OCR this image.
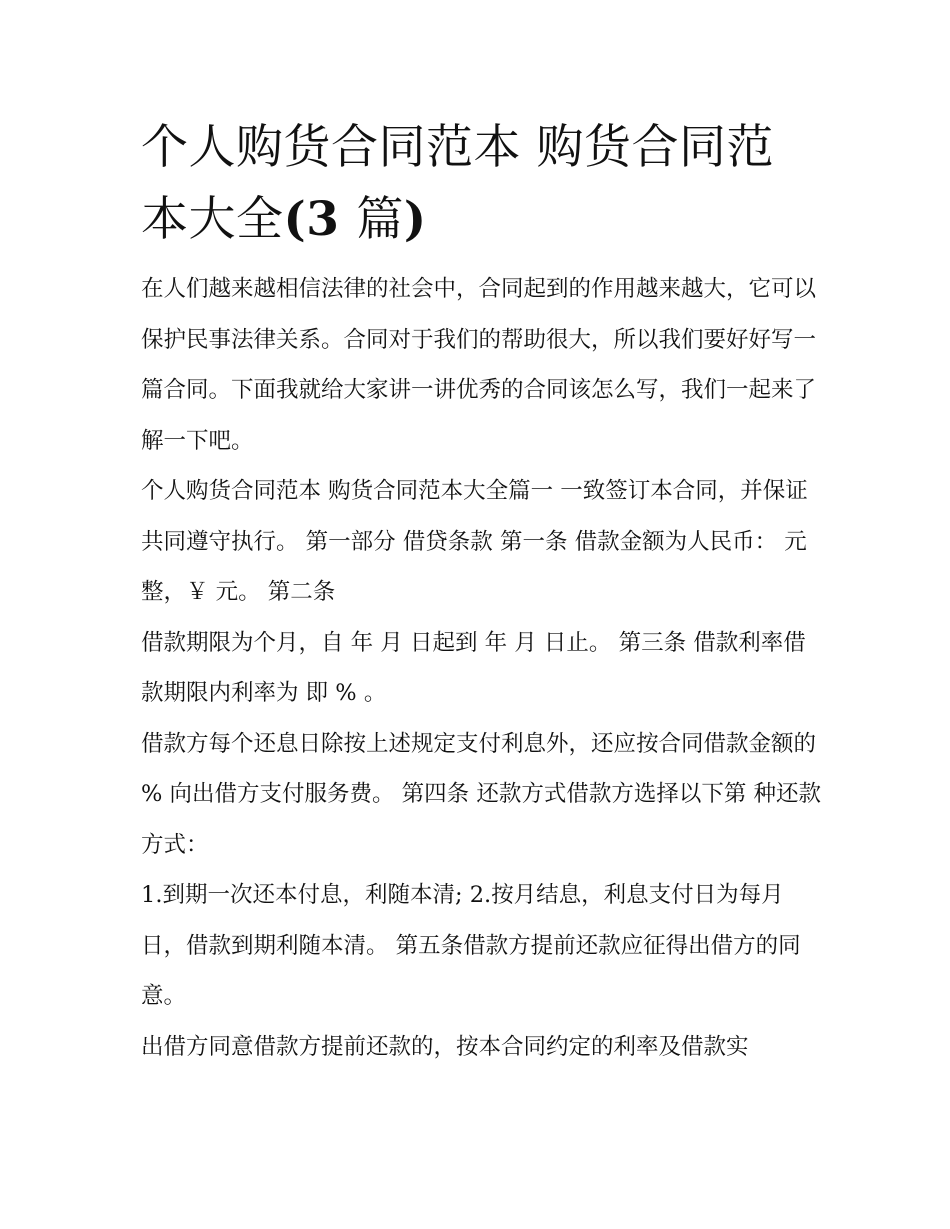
个人购货合同范本 购货合同范本大全(3 篇)

在人们越来越相信法律的社会中，合同起到的作用越来越大，它可以保护民事法律关系。合同对于我们的帮助很大，所以我们要好好写一篇合同。下面我就给大家讲一讲优秀的合同该怎么写，我们一起来了解一下吧。

个人购货合同范本 购货合同范本大全篇一 一致签订本合同，并保证共同遵守执行。 第一部分 借贷条款 第一条 借款金额为人民币： 元整，￥ 元。 第二条

借款期限为个月，自 年 月 日起到 年 月 日止。 第三条 借款利率借款期限内利率为 即 % 。

借款方每个还息日除按上述规定支付利息外，还应按合同借款金额的 % 向出借方支付服务费。 第四条 还款方式借款方选择以下第 种还款方式：

1.到期一次还本付息，利随本清; 2.按月结息，利息支付日为每月 日，借款到期利随本清。 第五条借款方提前还款应征得出借方的同意。

出借方同意借款方提前还款的，按本合同约定的利率及借款实
